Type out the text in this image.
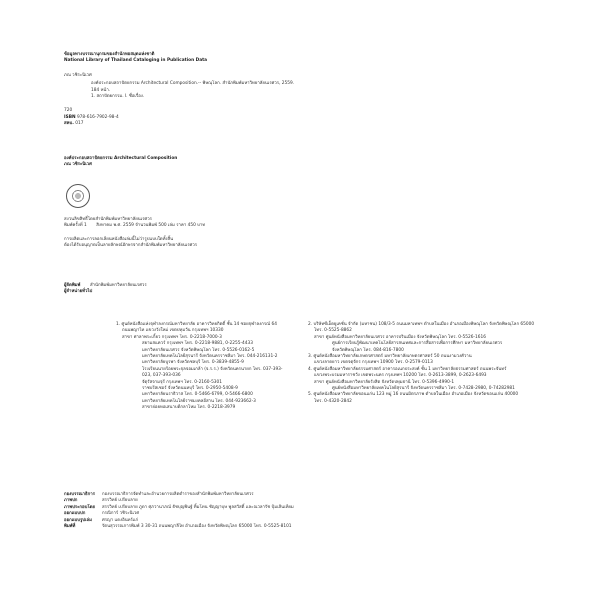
ข้อมูลทางบรรณานุกรมของสำนักหอสมุดแห่งชาติ
National Library of Thailand Cataloging in Publication Data
ภณ วชิระนิเวศ
องค์ประกอบสถาปัตยกรรม Architectural Composition.-- พิษณุโลก. สำนักพิมพ์มหาวิทยาลัยนเรศวร, 2559.
184 หน้า.
1. สถาปัตยกรรม. I. ชื่อเรื่อง.
720
ISBN 978-616-7902-98-4
สคบ. 017
องค์ประกอบสถาปัตยกรรม Architectural Composition
ภณ วชิระนิเวศ
สงวนลิขสิทธิ์โดยสำนักพิมพ์มหาวิทยาลัยนเรศวร
พิมพ์ครั้งที่ 1 สิงหาคม พ.ศ. 2559 จำนวนพิมพ์ 500 เล่ม ราคา 450 บาท
การผลิตและการลอกเลียนหนังสือเล่มนี้ไม่ว่ารูปแบบใดทั้งสิ้น
ต้องได้รับอนุญาตเป็นลายลักษณ์อักษรจากสำนักพิมพ์มหาวิทยาลัยนเรศวร
ผู้จัดพิมพ์ สำนักพิมพ์มหาวิทยาลัยนเรศวร
ผู้จำหน่ายทั่วไป
1. ศูนย์หนังสือแห่งจุฬาลงกรณ์มหาวิทยาลัย อาคารวิทยกิตติ์ ชั้น 14 ซอยจุฬาลงกรณ์ 64
ถนนพญาไท แขวงวังใหม่ เขตปทุมวัน กรุงเทพฯ 10330
สาขา ศาลาพระเกี้ยว กรุงเทพฯ โทร. 0-2218-7000-3
สยามสแควร์ กรุงเทพฯ โทร. 0-2218-9881, 0-2255-4433
มหาวิทยาลัยนเรศวร จังหวัดพิษณุโลก โทร. 0-5526-0162-5
มหาวิทยาลัยเทคโนโลยีสุรนารี จังหวัดนครราชสีมา โทร. 044-216131-2
มหาวิทยาลัยบูรพา จังหวัดชลบุรี โทร. 0-3839-4855-9
โรงเรียนนายร้อยพระจุลจอมเกล้า (จ.ร.ร.) จังหวัดนครนายก โทร. 037-393-
023, 037-393-036
จัตุรัสจามจุรี กรุงเทพฯ โทร. 0-2160-5301
ราชบรีสเซอร์ จังหวัดนนทบุรี โทร. 0-2950-5408-9
มหาวิทยาลัยนราธิวาส โทร. 0-5466-6799, 0-5466-6800
มหาวิทยาลัยเทคโนโลยีราชมงคลอีสาน โทร. 044-923662-3
สาขาย่อยหอเสนาบดีกลาโหม โทร. 0-2218-3979
2. บริษัทซีเอ็ดยูเคชั่น จำกัด (มหาชน) 108/3-5 ถนนมหาเทพฯ ตำบลในเมือง อำเภอเมืองพิษณุโลก จังหวัดพิษณุโลก 65000
โทร. 0-5525-8862
สาขา ศูนย์หนังสือมหาวิทยาลัยนเรศวร อาคารปรินเมือง จังหวัดพิษณุโลก โทร. 0-5526-1616
ศูนย์การเรียนรู้พัฒนาเทคโนโลยีสารสนเทศและการสื่อสารเพื่อการศึกษา มหาวิทยาลัยนเรศวร
จังหวัดพิษณุโลก โทร. 084-816-7800
3. ศูนย์หนังสือมหาวิทยาลัยเกษตรศาสตร์ มหาวิทยาลัยเกษตรศาสตร์ 50 ถนนงามวงศ์วาน
แขวงลาดยาว เขตจตุจักร กรุงเทพฯ 10900 โทร. 0-2579-0113
4. ศูนย์หนังสือมหาวิทยาลัยธรรมศาสตร์ อาคารอเนกประสงค์ ชั้น 1 มหาวิทยาลัยธรรมศาสตร์ ถนนพระจันทร์
แขวงพระบรมมหาราชวัง เขตพระนคร กรุงเทพฯ 10200 โทร. 0-2613-3899, 0-2623-6493
สาขา ศูนย์หนังสือมหาวิทยาลัยรังสิต จังหวัดปทุมธานี โทร. 0-5396-4990-1
ศูนย์หนังสือมหาวิทยาลัยเทคโนโลยีสุรนารี จังหวัดนครราชสีมา โทร. 0-7428-2980, 0-74282981
5. ศูนย์หนังสือมหาวิทยาลัยขอนแก่น 123 หมู่ 16 ถนนมิตรภาพ ตำบลในเมือง อำเภอเมือง จังหวัดขอนแก่น 40000
โทร. 0-4320-2842
กองบรรณาธิการ	กองบรรณาธิการจัดทำและอำนวยการผลิตตำราของสำนักพิมพ์มหาวิทยาลัยนเรศวร
ภาพปก	สรรวิทย์ เปรียบลาย
ภาพประกอบโดย	สรรวิทย์ เปรียบลาย ภูดา ศุภวานาภณ์ ธัชบุญพินฐ์ ทิ้มโทน ชัญญาบุษ พูลสวัสดิ์ และณวลารัช ปุ้มเส้นเทียม
ออกแบบปก	กรณิการ์ วชิระนิเวศ
ออกแบบรูปเล่ม	ศรญา แดงอินทร์แก่
พิมพ์ที่	รัตนสุวรรณการพิมพ์ 3 30-31 ถนนพญาลิไท อำเภอเมือง จังหวัดพิษณุโลก 65000 โทร. 0-5525-8101
